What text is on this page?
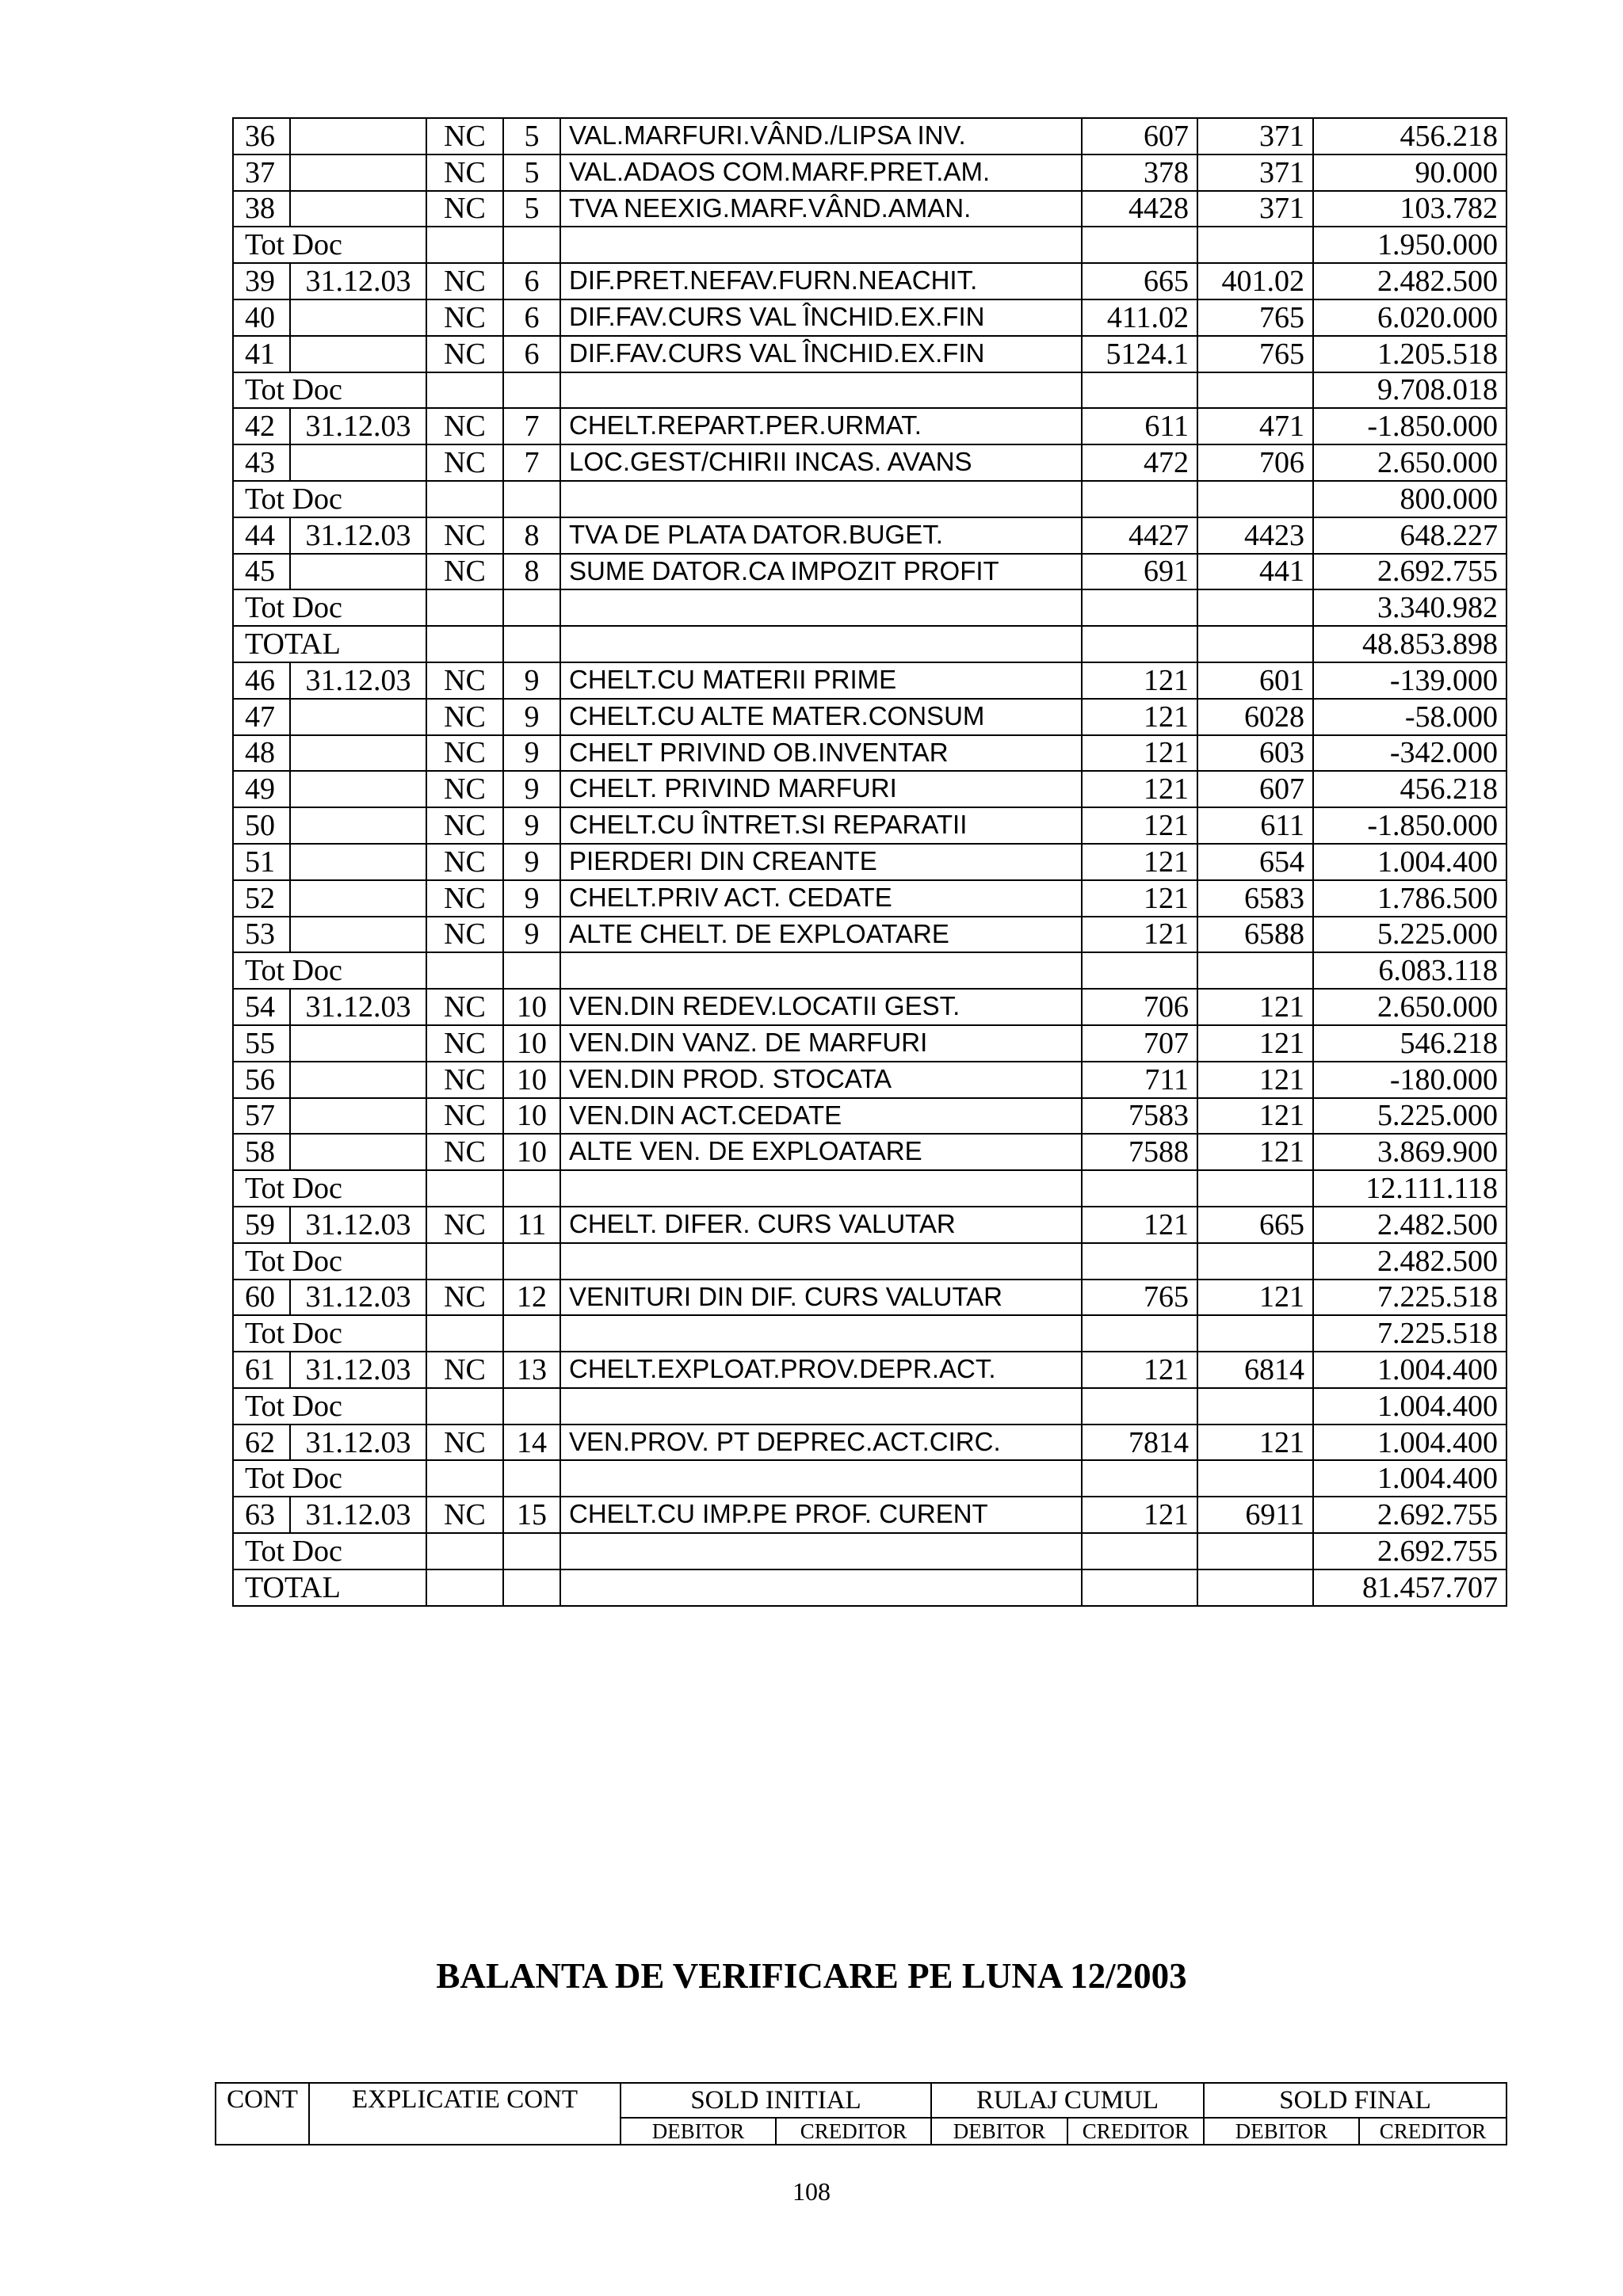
36		NC	5	VAL.MARFURI.VÂND./LIPSA INV.	607	371	456.218
37		NC	5	VAL.ADAOS COM.MARF.PRET.AM.	378	371	90.000
38		NC	5	TVA NEEXIG.MARF.VÂND.AMAN.	4428	371	103.782
Tot Doc							1.950.000
39	31.12.03	NC	6	DIF.PRET.NEFAV.FURN.NEACHIT.	665	401.02	2.482.500
40		NC	6	DIF.FAV.CURS VAL ÎNCHID.EX.FIN	411.02	765	6.020.000
41		NC	6	DIF.FAV.CURS VAL ÎNCHID.EX.FIN	5124.1	765	1.205.518
Tot Doc							9.708.018
42	31.12.03	NC	7	CHELT.REPART.PER.URMAT.	611	471	-1.850.000
43		NC	7	LOC.GEST/CHIRII INCAS. AVANS	472	706	2.650.000
Tot Doc							800.000
44	31.12.03	NC	8	TVA DE PLATA DATOR.BUGET.	4427	4423	648.227
45		NC	8	SUME DATOR.CA IMPOZIT PROFIT	691	441	2.692.755
Tot Doc							3.340.982
TOTAL							48.853.898
46	31.12.03	NC	9	CHELT.CU MATERII PRIME	121	601	-139.000
47		NC	9	CHELT.CU ALTE MATER.CONSUM	121	6028	-58.000
48		NC	9	CHELT PRIVIND OB.INVENTAR	121	603	-342.000
49		NC	9	CHELT. PRIVIND MARFURI	121	607	456.218
50		NC	9	CHELT.CU ÎNTRET.SI REPARATII	121	611	-1.850.000
51		NC	9	PIERDERI DIN CREANTE	121	654	1.004.400
52		NC	9	CHELT.PRIV ACT. CEDATE	121	6583	1.786.500
53		NC	9	ALTE CHELT. DE EXPLOATARE	121	6588	5.225.000
Tot Doc							6.083.118
54	31.12.03	NC	10	VEN.DIN REDEV.LOCATII GEST.	706	121	2.650.000
55		NC	10	VEN.DIN VANZ. DE MARFURI	707	121	546.218
56		NC	10	VEN.DIN PROD. STOCATA	711	121	-180.000
57		NC	10	VEN.DIN ACT.CEDATE	7583	121	5.225.000
58		NC	10	ALTE VEN. DE EXPLOATARE	7588	121	3.869.900
Tot Doc							12.111.118
59	31.12.03	NC	11	CHELT. DIFER. CURS VALUTAR	121	665	2.482.500
Tot Doc							2.482.500
60	31.12.03	NC	12	VENITURI DIN DIF. CURS VALUTAR	765	121	7.225.518
Tot Doc							7.225.518
61	31.12.03	NC	13	CHELT.EXPLOAT.PROV.DEPR.ACT.	121	6814	1.004.400
Tot Doc							1.004.400
62	31.12.03	NC	14	VEN.PROV. PT DEPREC.ACT.CIRC.	7814	121	1.004.400
Tot Doc							1.004.400
63	31.12.03	NC	15	CHELT.CU IMP.PE PROF. CURENT	121	6911	2.692.755
Tot Doc							2.692.755
TOTAL							81.457.707
BALANTA DE VERIFICARE PE LUNA 12/2003
CONT	EXPLICATIE CONT	SOLD INITIAL		RULAJ CUMUL		SOLD FINAL	
		DEBITOR	CREDITOR	DEBITOR	CREDITOR	DEBITOR	CREDITOR
108
